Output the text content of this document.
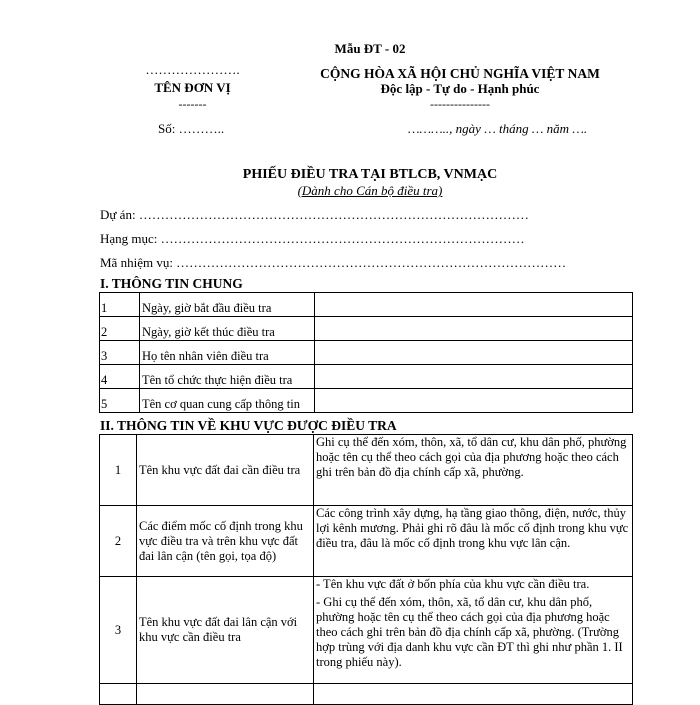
Mẫu ĐT - 02
………………….
TÊN ĐƠN VỊ
-------
CỘNG HÒA XÃ HỘI CHỦ NGHĨA VIỆT NAM
Độc lập - Tự do - Hạnh phúc
---------------
Số: ………..	……….., ngày … tháng … năm ….
PHIẾU ĐIỀU TRA TẠI BTLCB, VNMẠC
(Dành cho Cán bộ điều tra)
Dự án: ………………………………………………………………………………
Hạng mục: …………………………………………………………………………
Mã nhiệm vụ: ………………………………………………………………………………
I. THÔNG TIN CHUNG
1	Ngày, giờ bắt đầu điều tra	
2	Ngày, giờ kết thúc điều tra	
3	Họ tên nhân viên điều tra	
4	Tên tổ chức thực hiện điều tra	
5	Tên cơ quan cung cấp thông tin	
II. THÔNG TIN VỀ KHU VỰC ĐƯỢC ĐIỀU TRA
1	Tên khu vực đất đai cần điều tra	Ghi cụ thể đến xóm, thôn, xã, tổ dân cư, khu dân phố, phường hoặc tên cụ thể theo cách gọi của địa phương hoặc theo cách ghi trên bản đồ địa chính cấp xã, phường.

2	Các điểm mốc cố định trong khu vực điều tra và trên khu vực đất đai lân cận (tên gọi, tọa độ)	Các công trình xây dựng, hạ tầng giao thông, điện, nước, thủy lợi kênh mương. Phải ghi rõ đâu là mốc cố định trong khu vực điều tra, đâu là mốc cố định trong khu vực lân cận.

3	Tên khu vực đất đai lân cận với khu vực cần điều tra	- Tên khu vực đất ở bốn phía của khu vực cần điều tra.

- Ghi cụ thể đến xóm, thôn, xã, tổ dân cư, khu dân phố, phường hoặc tên cụ thể theo cách gọi của địa phương hoặc theo cách ghi trên bản đồ địa chính cấp xã, phường. (Trường hợp trùng với địa danh khu vực cần ĐT thì ghi như phần 1. II trong phiếu này).
